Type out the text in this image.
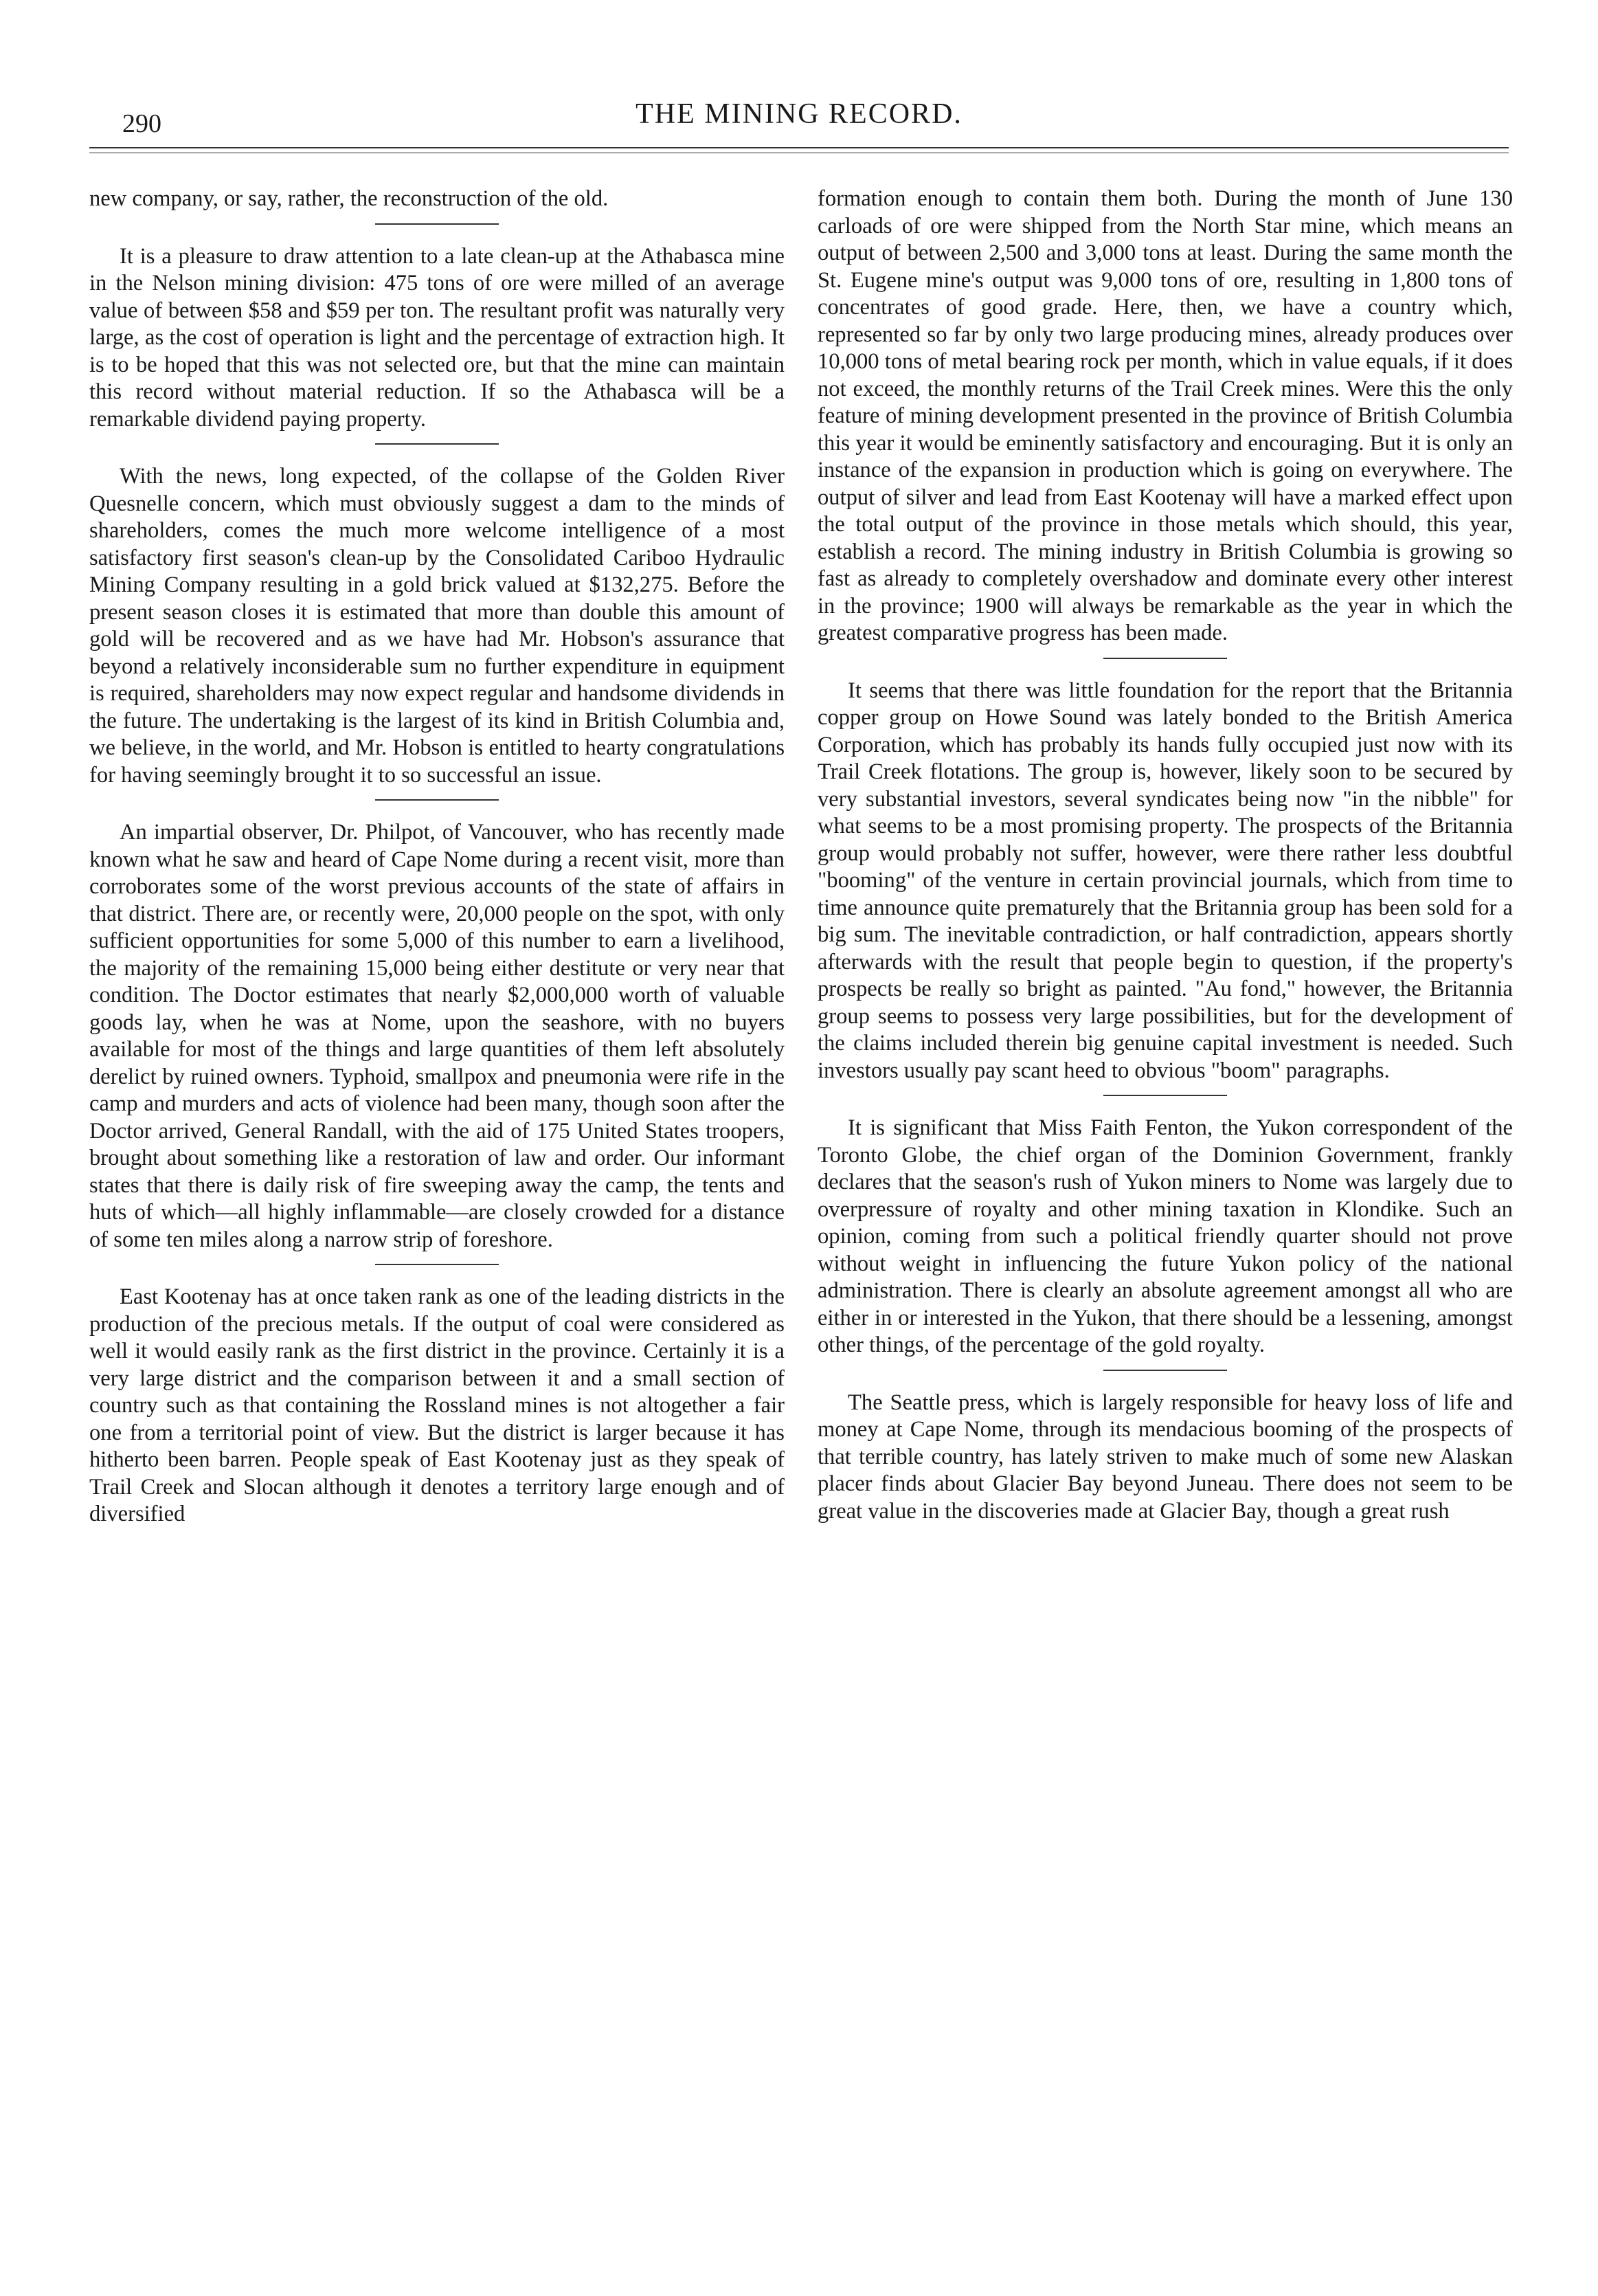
290	THE MINING RECORD.

new company, or say, rather, the reconstruction of the old.

It is a pleasure to draw attention to a late clean-up at the Athabasca mine in the Nelson mining division: 475 tons of ore were milled of an average value of between $58 and $59 per ton. The resultant profit was naturally very large, as the cost of operation is light and the percentage of extraction high. It is to be hoped that this was not selected ore, but that the mine can maintain this record without material reduction. If so the Athabasca will be a remarkable dividend paying property.

With the news, long expected, of the collapse of the Golden River Quesnelle concern, which must obviously suggest a dam to the minds of shareholders, comes the much more welcome intelligence of a most satisfactory first season's clean-up by the Consolidated Cariboo Hydraulic Mining Company resulting in a gold brick valued at $132,275. Before the present season closes it is estimated that more than double this amount of gold will be recovered and as we have had Mr. Hobson's assurance that beyond a relatively inconsiderable sum no further expenditure in equipment is required, shareholders may now expect regular and handsome dividends in the future. The undertaking is the largest of its kind in British Columbia and, we believe, in the world, and Mr. Hobson is entitled to hearty congratulations for having seemingly brought it to so successful an issue.

An impartial observer, Dr. Philpot, of Vancouver, who has recently made known what he saw and heard of Cape Nome during a recent visit, more than corroborates some of the worst previous accounts of the state of affairs in that district. There are, or recently were, 20,000 people on the spot, with only sufficient opportunities for some 5,000 of this number to earn a livelihood, the majority of the remaining 15,000 being either destitute or very near that condition. The Doctor estimates that nearly $2,000,000 worth of valuable goods lay, when he was at Nome, upon the seashore, with no buyers available for most of the things and large quantities of them left absolutely derelict by ruined owners. Typhoid, smallpox and pneumonia were rife in the camp and murders and acts of violence had been many, though soon after the Doctor arrived, General Randall, with the aid of 175 United States troopers, brought about something like a restoration of law and order. Our informant states that there is daily risk of fire sweeping away the camp, the tents and huts of which—all highly inflammable—are closely crowded for a distance of some ten miles along a narrow strip of foreshore.

East Kootenay has at once taken rank as one of the leading districts in the production of the precious metals. If the output of coal were considered as well it would easily rank as the first district in the province. Certainly it is a very large district and the comparison between it and a small section of country such as that containing the Rossland mines is not altogether a fair one from a territorial point of view. But the district is larger because it has hitherto been barren. People speak of East Kootenay just as they speak of Trail Creek and Slocan although it denotes a territory large enough and of diversified

formation enough to contain them both. During the month of June 130 carloads of ore were shipped from the North Star mine, which means an output of between 2,500 and 3,000 tons at least. During the same month the St. Eugene mine's output was 9,000 tons of ore, resulting in 1,800 tons of concentrates of good grade. Here, then, we have a country which, represented so far by only two large producing mines, already produces over 10,000 tons of metal bearing rock per month, which in value equals, if it does not exceed, the monthly returns of the Trail Creek mines. Were this the only feature of mining development presented in the province of British Columbia this year it would be eminently satisfactory and encouraging. But it is only an instance of the expansion in production which is going on everywhere. The output of silver and lead from East Kootenay will have a marked effect upon the total output of the province in those metals which should, this year, establish a record. The mining industry in British Columbia is growing so fast as already to completely overshadow and dominate every other interest in the province; 1900 will always be remarkable as the year in which the greatest comparative progress has been made.

It seems that there was little foundation for the report that the Britannia copper group on Howe Sound was lately bonded to the British America Corporation, which has probably its hands fully occupied just now with its Trail Creek flotations. The group is, however, likely soon to be secured by very substantial investors, several syndicates being now "in the nibble" for what seems to be a most promising property. The prospects of the Britannia group would probably not suffer, however, were there rather less doubtful "booming" of the venture in certain provincial journals, which from time to time announce quite prematurely that the Britannia group has been sold for a big sum. The inevitable contradiction, or half contradiction, appears shortly afterwards with the result that people begin to question, if the property's prospects be really so bright as painted. "Au fond," however, the Britannia group seems to possess very large possibilities, but for the development of the claims included therein big genuine capital investment is needed. Such investors usually pay scant heed to obvious "boom" paragraphs.

It is significant that Miss Faith Fenton, the Yukon correspondent of the Toronto Globe, the chief organ of the Dominion Government, frankly declares that the season's rush of Yukon miners to Nome was largely due to overpressure of royalty and other mining taxation in Klondike. Such an opinion, coming from such a political friendly quarter should not prove without weight in influencing the future Yukon policy of the national administration. There is clearly an absolute agreement amongst all who are either in or interested in the Yukon, that there should be a lessening, amongst other things, of the percentage of the gold royalty.

The Seattle press, which is largely responsible for heavy loss of life and money at Cape Nome, through its mendacious booming of the prospects of that terrible country, has lately striven to make much of some new Alaskan placer finds about Glacier Bay beyond Juneau. There does not seem to be great value in the discoveries made at Glacier Bay, though a great rush
